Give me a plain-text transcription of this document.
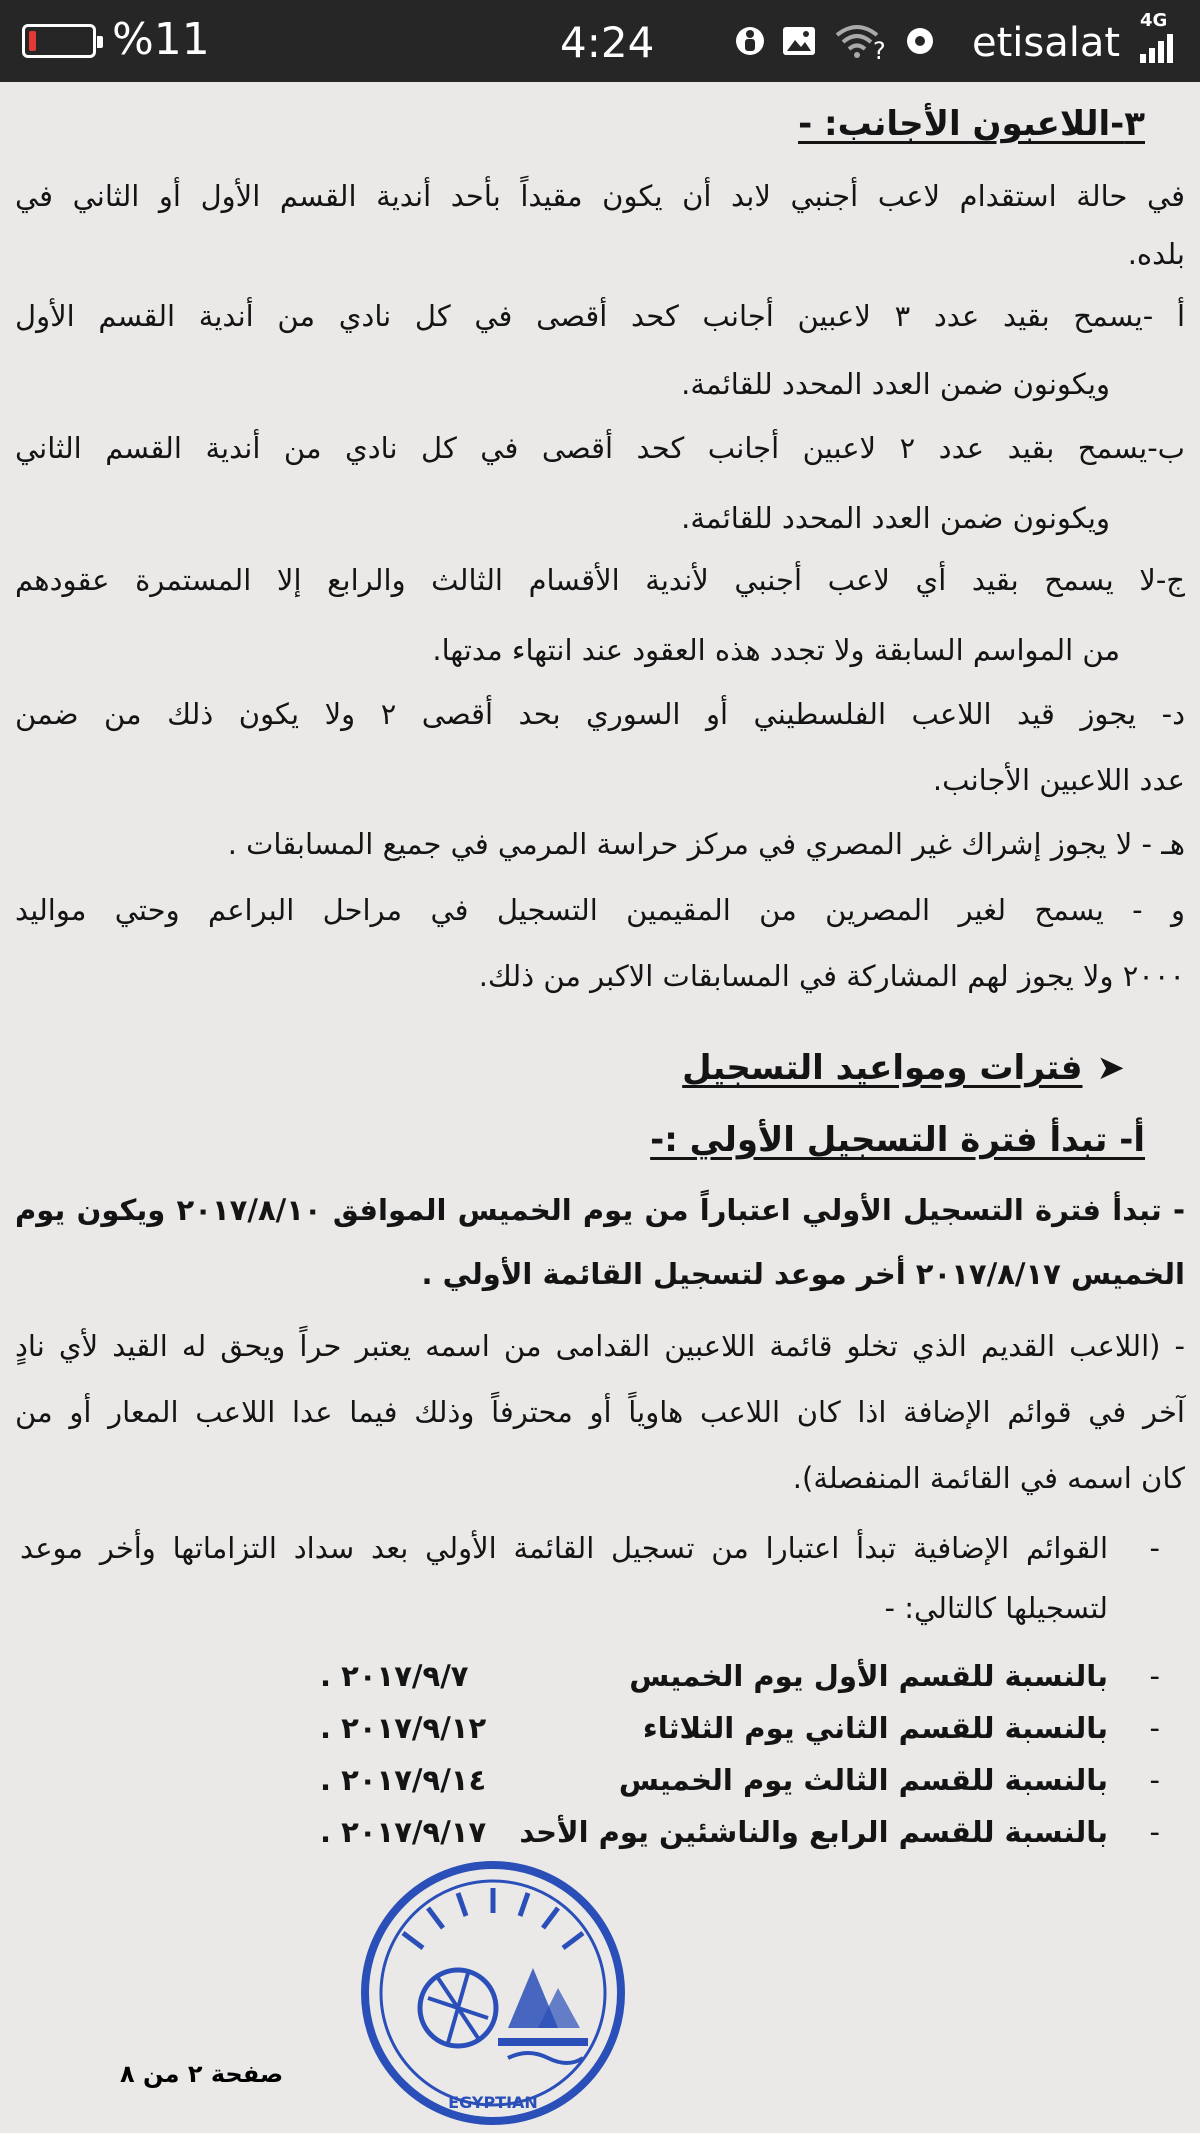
%11	4:24	? etisalat 4G
٣-اللاعبون الأجانب: -
في حالة استقدام لاعب أجنبي لابد أن يكون مقيداً بأحد أندية القسم الأول أو الثاني في
بلده.
أ -يسمح بقيد عدد ٣ لاعبين أجانب كحد أقصى في كل نادي من أندية القسم الأول
ويكونون ضمن العدد المحدد للقائمة.
ب-يسمح بقيد عدد ٢ لاعبين أجانب كحد أقصى في كل نادي من أندية القسم الثاني
ويكونون ضمن العدد المحدد للقائمة.
ج-لا يسمح بقيد أي لاعب أجنبي لأندية الأقسام الثالث والرابع إلا المستمرة عقودهم
من المواسم السابقة ولا تجدد هذه العقود عند انتهاء مدتها.
د- يجوز قيد اللاعب الفلسطيني أو السوري بحد أقصى ٢ ولا يكون ذلك من ضمن
عدد اللاعبين الأجانب.
هـ - لا يجوز إشراك غير المصري في مركز حراسة المرمي في جميع المسابقات .
و - يسمح لغير المصرين من المقيمين التسجيل في مراحل البراعم وحتي مواليد
٢٠٠٠ ولا يجوز لهم المشاركة في المسابقات الاكبر من ذلك.
➤فترات ومواعيد التسجيل
أ- تبدأ فترة التسجيل الأولي :-
- تبدأ فترة التسجيل الأولي اعتباراً من يوم الخميس الموافق ٢٠١٧/٨/١٠ ويكون يوم
الخميس ٢٠١٧/٨/١٧ أخر موعد لتسجيل القائمة الأولي .
- (اللاعب القديم الذي تخلو قائمة اللاعبين القدامى من اسمه يعتبر حراً ويحق له القيد لأي نادٍ
آخر في قوائم الإضافة اذا كان اللاعب هاوياً أو محترفاً وذلك فيما عدا اللاعب المعار أو من
كان اسمه في القائمة المنفصلة).
-
القوائم الإضافية تبدأ اعتبارا من تسجيل القائمة الأولي بعد سداد التزاماتها وأخر موعد
لتسجيلها كالتالي: -
-
بالنسبة للقسم الأول يوم الخميس
٢٠١٧/٩/٧ .
-
بالنسبة للقسم الثاني يوم الثلاثاء
٢٠١٧/٩/١٢ .
-
بالنسبة للقسم الثالث يوم الخميس
٢٠١٧/٩/١٤ .
-
بالنسبة للقسم الرابع والناشئين يوم الأحد
٢٠١٧/٩/١٧ .
EGYPTIAN
صفحة ٢ من ٨
